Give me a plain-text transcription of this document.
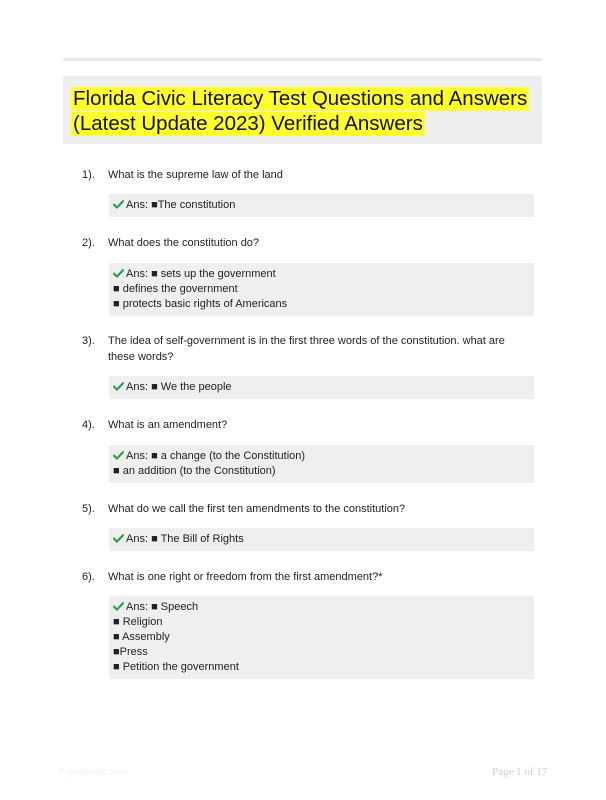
Florida Civic Literacy Test Questions and Answers (Latest Update 2023) Verified Answers
1). What is the supreme law of the land
Ans: ■The constitution
2). What does the constitution do?
Ans: ■ sets up the government
■ defines the government
■ protects basic rights of Americans
3). The idea of self-government is in the first three words of the constitution. what are these words?
Ans: ■ We the people
4). What is an amendment?
Ans: ■ a change (to the Constitution)
■ an addition (to the Constitution)
5). What do we call the first ten amendments to the constitution?
Ans: ■ The Bill of Rights
6). What is one right or freedom from the first amendment?*
Ans: ■ Speech
■ Religion
■ Assembly
■Press
■ Petition the government
Paperwork.com	Page 1 of 17
